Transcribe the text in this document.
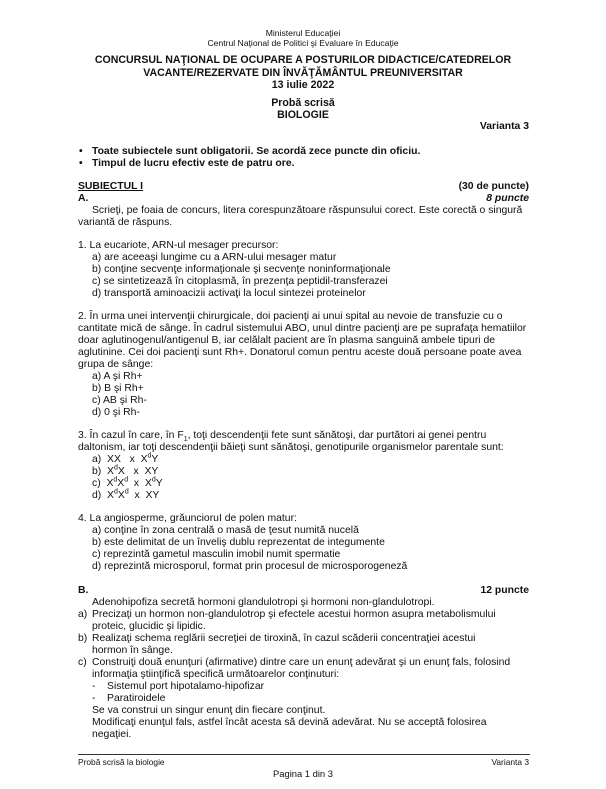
Ministerul Educaţiei
Centrul Naţional de Politici şi Evaluare în Educaţie
CONCURSUL NAŢIONAL DE OCUPARE A POSTURILOR DIDACTICE/CATEDRELOR
VACANTE/REZERVATE DIN ÎNVĂŢĂMÂNTUL PREUNIVERSITAR
13 iulie 2022
Probă scrisă
BIOLOGIE
Varianta 3
• Toate subiectele sunt obligatorii. Se acordă zece puncte din oficiu.
• Timpul de lucru efectiv este de patru ore.
SUBIECTUL I	(30 de puncte)
A.	8 puncte
Scrieţi, pe foaia de concurs, litera corespunzătoare răspunsului corect. Este corectă o singură
variantă de răspuns.
1. La eucariote, ARN-ul mesager precursor:
a) are aceeaşi lungime cu a ARN-ului mesager matur
b) conţine secvenţe informaţionale şi secvenţe noninformaţionale
c) se sintetizează în citoplasmă, în prezenţa peptidil-transferazei
d) transportă aminoacizii activaţi la locul sintezei proteinelor
2. În urma unei intervenţii chirurgicale, doi pacienţi ai unui spital au nevoie de transfuzie cu o
cantitate mică de sânge. În cadrul sistemului ABO, unul dintre pacienţi are pe suprafaţa hematiilor
doar aglutinogenul/antigenul B, iar celălalt pacient are în plasma sanguină ambele tipuri de
aglutinine. Cei doi pacienţi sunt Rh+. Donatorul comun pentru aceste două persoane poate avea
grupa de sânge:
a) A şi Rh+
b) B şi Rh+
c) AB şi Rh-
d) 0 şi Rh-
3. În cazul în care, în $F_1$, toţi descendenţii fete sunt sănătoşi, dar purtători ai genei pentru
daltonism, iar toţi descendenţii băieţi sunt sănătoşi, genotipurile organismelor parentale sunt:
a) XX x $X^dY$
b) $X^dX$ x XY
c) $X^dX^d$ x $X^dY$
d) $X^dX^d$ x XY
4. La angiosperme, grăuncioruI de polen matur:
a) conţine în zona centrală o masă de ţesut numită nucelă
b) este delimitat de un înveliş dublu reprezentat de integumente
c) reprezintă gametul masculin imobil numit spermatie
d) reprezintă microsporul, format prin procesul de microsporogeneză
B.	12 puncte
Adenohipofiza secretă hormoni glandulotropi şi hormoni non-glandulotropi.
a) Precizaţi un hormon non-glandulotrop şi efectele acestui hormon asupra metabolismului
proteic, glucidic şi lipidic.
b) Realizaţi schema reglării secreţiei de tiroxină, în cazul scăderii concentraţiei acestui
hormon în sânge.
c) Construiţi două enunţuri (afirmative) dintre care un enunţ adevărat şi un enunţ fals, folosind
informaţia ştiinţifică specifică următoarelor conţinuturi:
-    Sistemul port hipotalamo-hipofizar
-    Paratiroidele
Se va construi un singur enunţ din fiecare conţinut.
Modificaţi enunţul fals, astfel încât acesta să devină adevărat. Nu se acceptă folosirea
negaţiei.
Probă scrisă la biologie	Varianta 3
Pagina 1 din 3
